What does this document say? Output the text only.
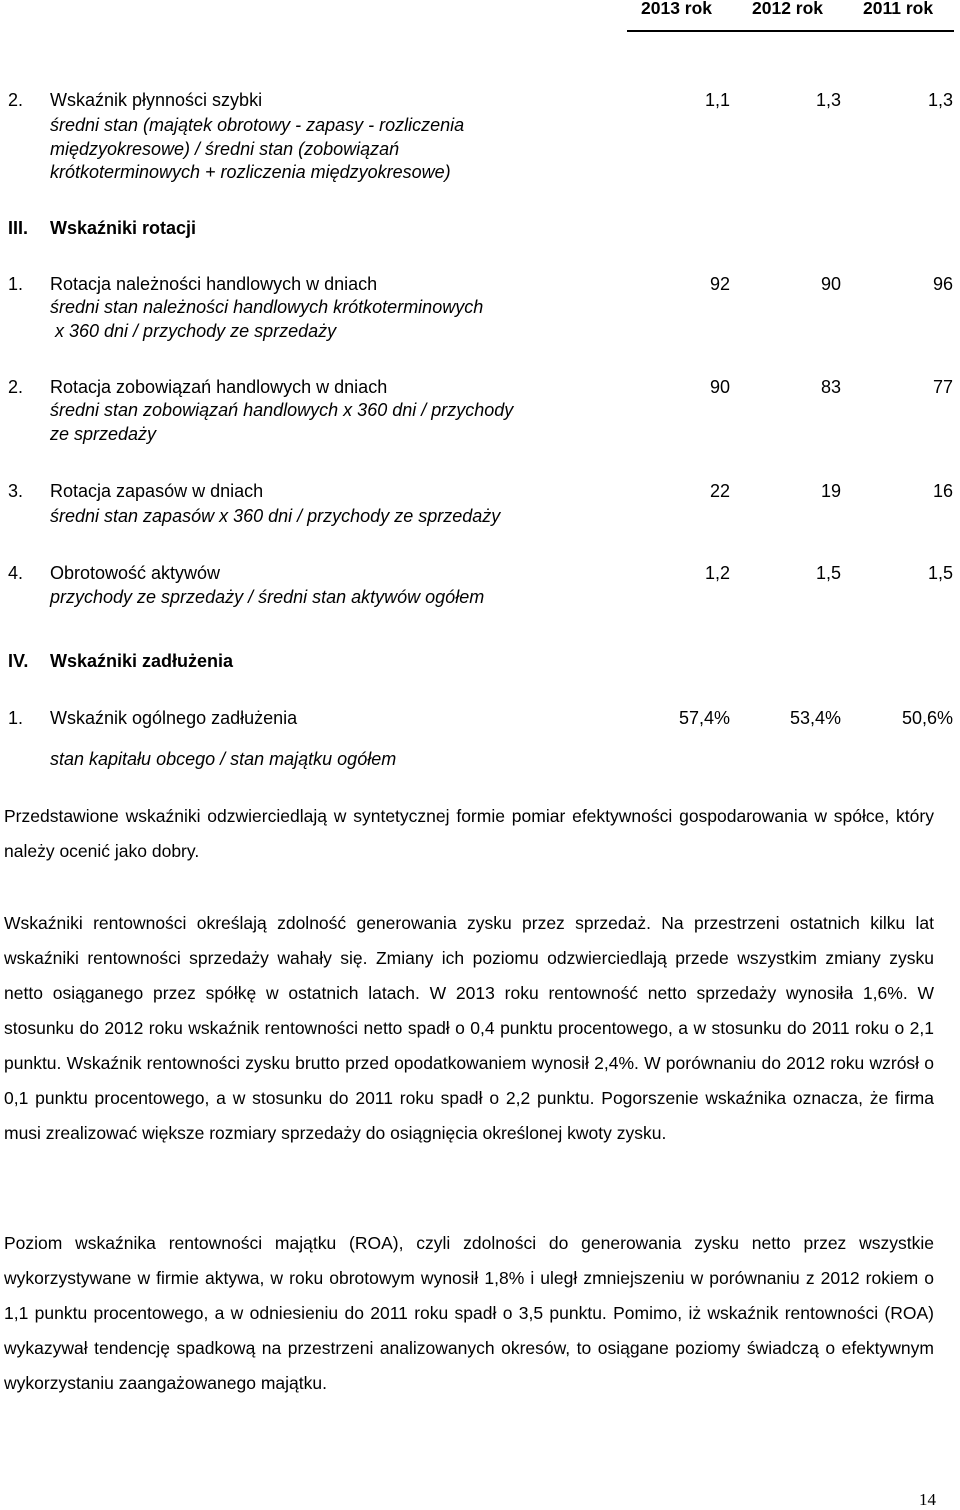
2013 rok 2012 rok 2011 rok
2. Wskaźnik płynności szybki
średni stan (majątek obrotowy - zapasy - rozliczenia
międzyokresowe) / średni stan (zobowiązań
krótkoterminowych + rozliczenia międzyokresowe)
1,1	1,3	1,3
III. Wskaźniki rotacji
1. Rotacja należności handlowych w dniach
średni stan należności handlowych krótkoterminowych
x 360 dni / przychody ze sprzedaży
92	90	96
2. Rotacja zobowiązań handlowych w dniach
średni stan zobowiązań handlowych x 360 dni / przychody
ze sprzedaży
90	83	77
3. Rotacja zapasów w dniach
średni stan zapasów x 360 dni / przychody ze sprzedaży
22	19	16
4. Obrotowość aktywów
przychody ze sprzedaży / średni stan aktywów ogółem
1,2	1,5	1,5
IV. Wskaźniki zadłużenia
1. Wskaźnik ogólnego zadłużenia
stan kapitału obcego / stan majątku ogółem
57,4%	53,4%	50,6%

Przedstawione wskaźniki odzwierciedlają w syntetycznej formie pomiar efektywności gospodarowania w spółce, który należy ocenić jako dobry.

Wskaźniki rentowności określają zdolność generowania zysku przez sprzedaż. Na przestrzeni ostatnich kilku lat wskaźniki rentowności sprzedaży wahały się. Zmiany ich poziomu odzwierciedlają przede wszystkim zmiany zysku netto osiąganego przez spółkę w ostatnich latach. W 2013 roku rentowność netto sprzedaży wynosiła 1,6%. W stosunku do 2012 roku wskaźnik rentowności netto spadł o 0,4 punktu procentowego, a w stosunku do 2011 roku o 2,1 punktu. Wskaźnik rentowności zysku brutto przed opodatkowaniem wynosił 2,4%. W porównaniu do 2012 roku wzrósł o 0,1 punktu procentowego, a w stosunku do 2011 roku spadł o 2,2 punktu. Pogorszenie wskaźnika oznacza, że firma musi zrealizować większe rozmiary sprzedaży do osiągnięcia określonej kwoty zysku.

Poziom wskaźnika rentowności majątku (ROA), czyli zdolności do generowania zysku netto przez wszystkie wykorzystywane w firmie aktywa, w roku obrotowym wynosił 1,8% i uległ zmniejszeniu w porównaniu z 2012 rokiem o 1,1 punktu procentowego, a w odniesieniu do 2011 roku spadł o 3,5 punktu. Pomimo, iż wskaźnik rentowności (ROA) wykazywał tendencję spadkową na przestrzeni analizowanych okresów, to osiągane poziomy świadczą o efektywnym wykorzystaniu zaangażowanego majątku.

14
